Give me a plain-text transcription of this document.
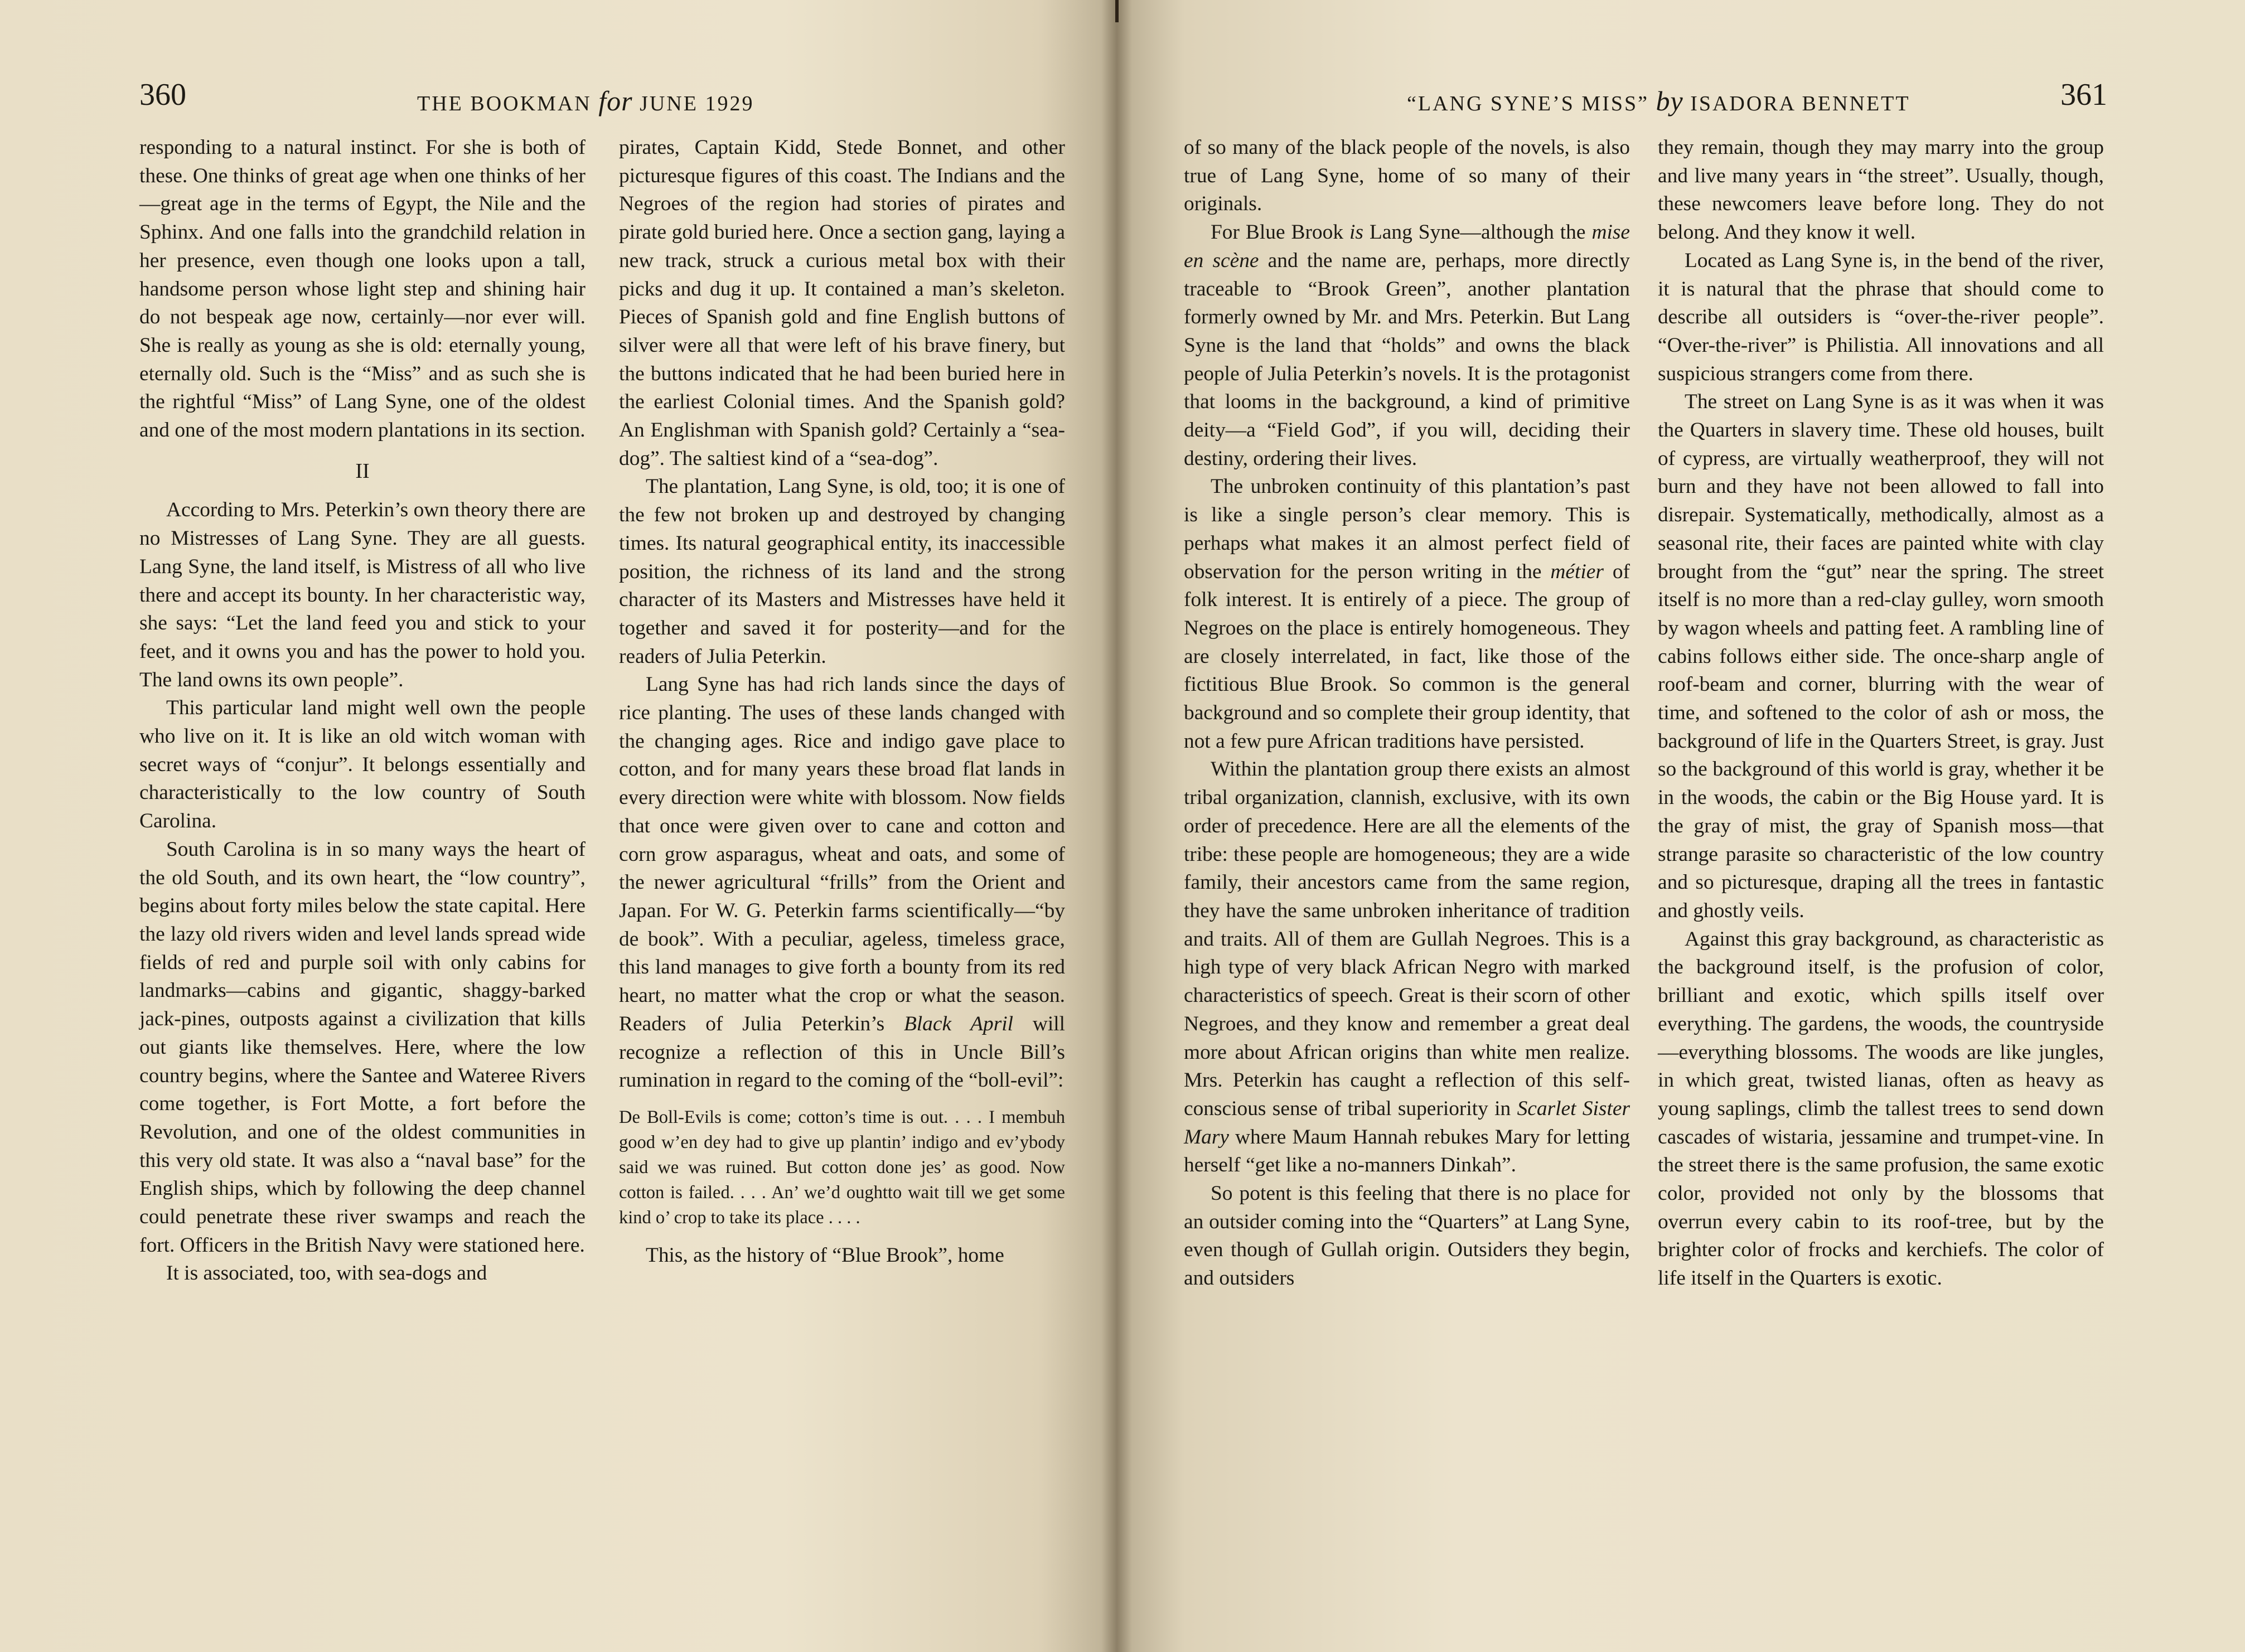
360	THE BOOKMAN for JUNE 1929

responding to a natural instinct. For she is both of these. One thinks of great age when one thinks of her—great age in the terms of Egypt, the Nile and the Sphinx. And one falls into the grandchild relation in her presence, even though one looks upon a tall, handsome person whose light step and shining hair do not bespeak age now, certainly—nor ever will. She is really as young as she is old: eternally young, eternally old. Such is the “Miss” and as such she is the rightful “Miss” of Lang Syne, one of the oldest and one of the most modern plantations in its section.

II

According to Mrs. Peterkin’s own theory there are no Mistresses of Lang Syne. They are all guests. Lang Syne, the land itself, is Mistress of all who live there and accept its bounty. In her characteristic way, she says: “Let the land feed you and stick to your feet, and it owns you and has the power to hold you. The land owns its own people”.

This particular land might well own the people who live on it. It is like an old witch woman with secret ways of “conjur”. It belongs essentially and characteristically to the low country of South Carolina.

South Carolina is in so many ways the heart of the old South, and its own heart, the “low country”, begins about forty miles below the state capital. Here the lazy old rivers widen and level lands spread wide fields of red and purple soil with only cabins for landmarks—cabins and gigantic, shaggy-barked jack-pines, outposts against a civilization that kills out giants like themselves. Here, where the low country begins, where the Santee and Wateree Rivers come together, is Fort Motte, a fort before the Revolution, and one of the oldest communities in this very old state. It was also a “naval base” for the English ships, which by following the deep channel could penetrate these river swamps and reach the fort. Officers in the British Navy were stationed here.

It is associated, too, with sea-dogs and

pirates, Captain Kidd, Stede Bonnet, and other picturesque figures of this coast. The Indians and the Negroes of the region had stories of pirates and pirate gold buried here. Once a section gang, laying a new track, struck a curious metal box with their picks and dug it up. It contained a man’s skeleton. Pieces of Spanish gold and fine English buttons of silver were all that were left of his brave finery, but the buttons indicated that he had been buried here in the earliest Colonial times. And the Spanish gold? An Englishman with Spanish gold? Certainly a “sea-dog”. The saltiest kind of a “sea-dog”.

The plantation, Lang Syne, is old, too; it is one of the few not broken up and destroyed by changing times. Its natural geographical entity, its inaccessible position, the richness of its land and the strong character of its Masters and Mistresses have held it together and saved it for posterity—and for the readers of Julia Peterkin.

Lang Syne has had rich lands since the days of rice planting. The uses of these lands changed with the changing ages. Rice and indigo gave place to cotton, and for many years these broad flat lands in every direction were white with blossom. Now fields that once were given over to cane and cotton and corn grow asparagus, wheat and oats, and some of the newer agricultural “frills” from the Orient and Japan. For W. G. Peterkin farms scientifically—“by de book”. With a peculiar, ageless, timeless grace, this land manages to give forth a bounty from its red heart, no matter what the crop or what the season. Readers of Julia Peterkin’s Black April will recognize a reflection of this in Uncle Bill’s rumination in regard to the coming of the “boll-evil”:

De Boll-Evils is come; cotton’s time is out. . . . I membuh good w’en dey had to give up plantin’ indigo and ev’ybody said we was ruined. But cotton done jes’ as good. Now cotton is failed. . . . An’ we’d oughtto wait till we get some kind o’ crop to take its place . . . .

This, as the history of “Blue Brook”, home

“LANG SYNE’S MISS” by ISADORA BENNETT	361

of so many of the black people of the novels, is also true of Lang Syne, home of so many of their originals.

For Blue Brook is Lang Syne—although the mise en scène and the name are, perhaps, more directly traceable to “Brook Green”, another plantation formerly owned by Mr. and Mrs. Peterkin. But Lang Syne is the land that “holds” and owns the black people of Julia Peterkin’s novels. It is the protagonist that looms in the background, a kind of primitive deity—a “Field God”, if you will, deciding their destiny, ordering their lives.

The unbroken continuity of this plantation’s past is like a single person’s clear memory. This is perhaps what makes it an almost perfect field of observation for the person writing in the métier of folk interest. It is entirely of a piece. The group of Negroes on the place is entirely homogeneous. They are closely interrelated, in fact, like those of the fictitious Blue Brook. So common is the general background and so complete their group identity, that not a few pure African traditions have persisted.

Within the plantation group there exists an almost tribal organization, clannish, exclusive, with its own order of precedence. Here are all the elements of the tribe: these people are homogeneous; they are a wide family, their ancestors came from the same region, they have the same unbroken inheritance of tradition and traits. All of them are Gullah Negroes. This is a high type of very black African Negro with marked characteristics of speech. Great is their scorn of other Negroes, and they know and remember a great deal more about African origins than white men realize. Mrs. Peterkin has caught a reflection of this self-conscious sense of tribal superiority in Scarlet Sister Mary where Maum Hannah rebukes Mary for letting herself “get like a no-manners Dinkah”.

So potent is this feeling that there is no place for an outsider coming into the “Quarters” at Lang Syne, even though of Gullah origin. Outsiders they begin, and outsiders

they remain, though they may marry into the group and live many years in “the street”. Usually, though, these newcomers leave before long. They do not belong. And they know it well.

Located as Lang Syne is, in the bend of the river, it is natural that the phrase that should come to describe all outsiders is “over-the-river people”. “Over-the-river” is Philistia. All innovations and all suspicious strangers come from there.

The street on Lang Syne is as it was when it was the Quarters in slavery time. These old houses, built of cypress, are virtually weatherproof, they will not burn and they have not been allowed to fall into disrepair. Systematically, methodically, almost as a seasonal rite, their faces are painted white with clay brought from the “gut” near the spring. The street itself is no more than a red-clay gulley, worn smooth by wagon wheels and patting feet. A rambling line of cabins follows either side. The once-sharp angle of roof-beam and corner, blurring with the wear of time, and softened to the color of ash or moss, the background of life in the Quarters Street, is gray. Just so the background of this world is gray, whether it be in the woods, the cabin or the Big House yard. It is the gray of mist, the gray of Spanish moss—that strange parasite so characteristic of the low country and so picturesque, draping all the trees in fantastic and ghostly veils.

Against this gray background, as characteristic as the background itself, is the profusion of color, brilliant and exotic, which spills itself over everything. The gardens, the woods, the countryside—everything blossoms. The woods are like jungles, in which great, twisted lianas, often as heavy as young saplings, climb the tallest trees to send down cascades of wistaria, jessamine and trumpet-vine. In the street there is the same profusion, the same exotic color, provided not only by the blossoms that overrun every cabin to its roof-tree, but by the brighter color of frocks and kerchiefs. The color of life itself in the Quarters is exotic.
